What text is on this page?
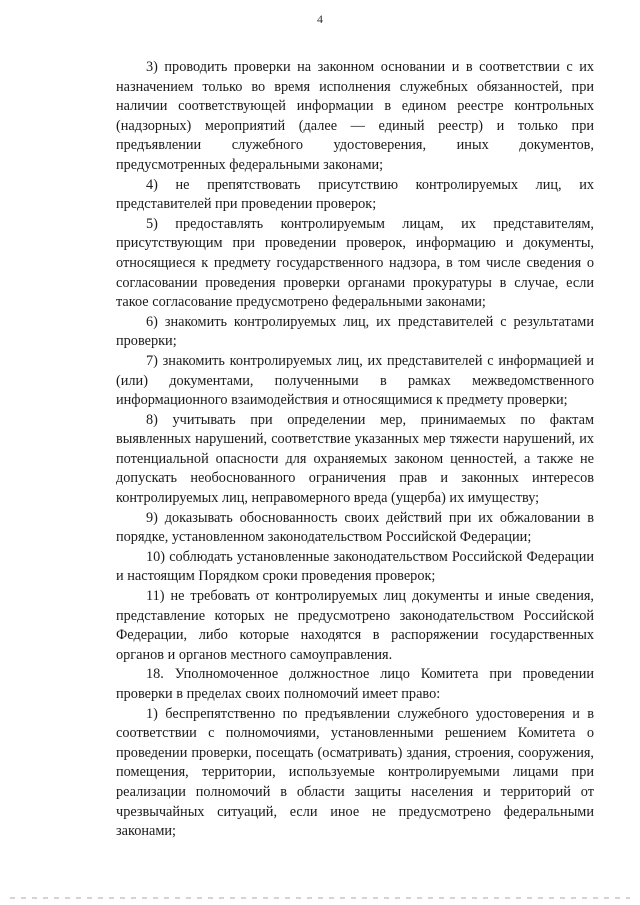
4

3) проводить проверки на законном основании и в соответствии с их назначением только во время исполнения служебных обязанностей, при наличии соответствующей информации в едином реестре контрольных (надзорных) мероприятий (далее — единый реестр) и только при предъявлении служебного удостоверения, иных документов, предусмотренных федеральными законами;

4) не препятствовать присутствию контролируемых лиц, их представителей при проведении проверок;

5) предоставлять контролируемым лицам, их представителям, присутствующим при проведении проверок, информацию и документы, относящиеся к предмету государственного надзора, в том числе сведения о согласовании проведения проверки органами прокуратуры в случае, если такое согласование предусмотрено федеральными законами;

6) знакомить контролируемых лиц, их представителей с результатами проверки;

7) знакомить контролируемых лиц, их представителей с информацией и (или) документами, полученными в рамках межведомственного информационного взаимодействия и относящимися к предмету проверки;

8) учитывать при определении мер, принимаемых по фактам выявленных нарушений, соответствие указанных мер тяжести нарушений, их потенциальной опасности для охраняемых законом ценностей, а также не допускать необоснованного ограничения прав и законных интересов контролируемых лиц, неправомерного вреда (ущерба) их имуществу;

9) доказывать обоснованность своих действий при их обжаловании в порядке, установленном законодательством Российской Федерации;

10) соблюдать установленные законодательством Российской Федерации и настоящим Порядком сроки проведения проверок;

11) не требовать от контролируемых лиц документы и иные сведения, представление которых не предусмотрено законодательством Российской Федерации, либо которые находятся в распоряжении государственных органов и органов местного самоуправления.

18. Уполномоченное должностное лицо Комитета при проведении проверки в пределах своих полномочий имеет право:

1) беспрепятственно по предъявлении служебного удостоверения и в соответствии с полномочиями, установленными решением Комитета о проведении проверки, посещать (осматривать) здания, строения, сооружения, помещения, территории, используемые контролируемыми лицами при реализации полномочий в области защиты населения и территорий от чрезвычайных ситуаций, если иное не предусмотрено федеральными законами;
